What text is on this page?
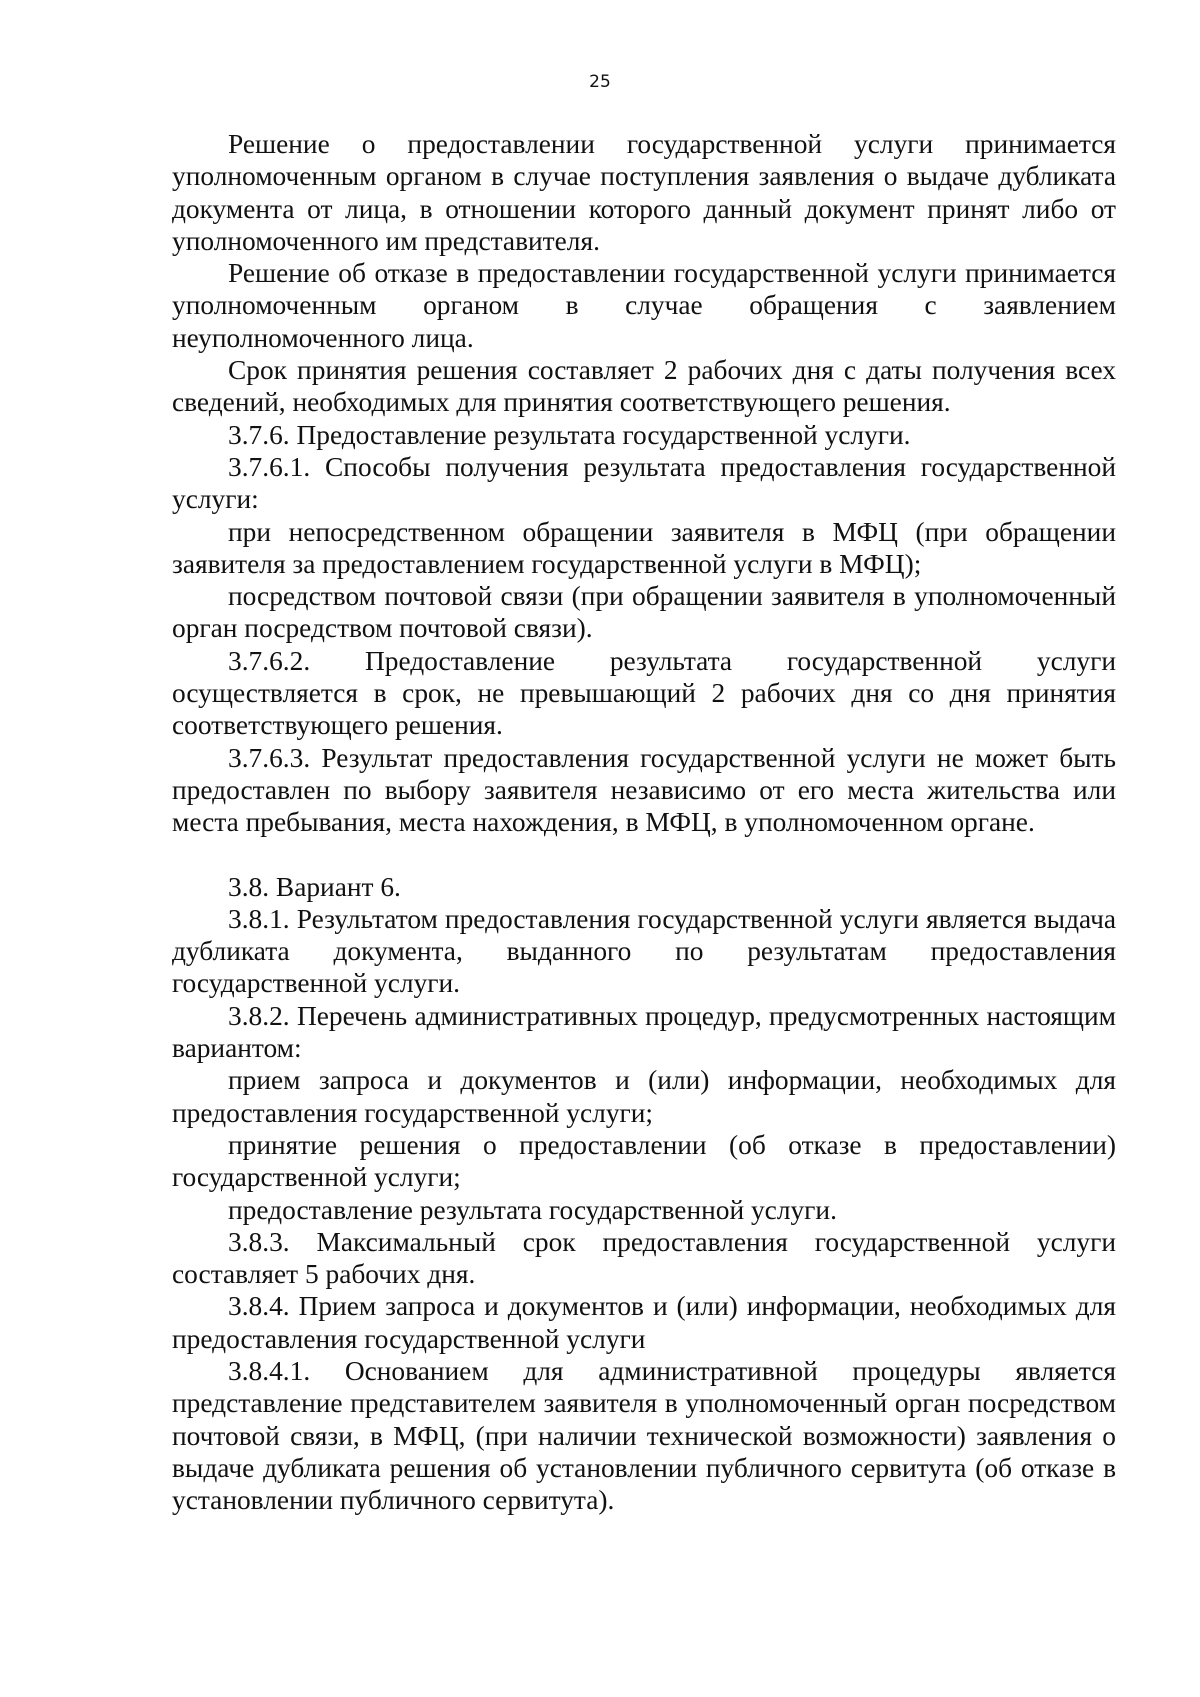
25

Решение о предоставлении государственной услуги принимается уполномоченным органом в случае поступления заявления о выдаче дубликата документа от лица, в отношении которого данный документ принят либо от уполномоченного им представителя.

Решение об отказе в предоставлении государственной услуги принимается уполномоченным органом в случае обращения с заявлением неуполномоченного лица.

Срок принятия решения составляет 2 рабочих дня с даты получения всех сведений, необходимых для принятия соответствующего решения.

3.7.6. Предоставление результата государственной услуги.

3.7.6.1. Способы получения результата предоставления государственной услуги:

при непосредственном обращении заявителя в МФЦ (при обращении заявителя за предоставлением государственной услуги в МФЦ);

посредством почтовой связи (при обращении заявителя в уполномоченный орган посредством почтовой связи).

3.7.6.2. Предоставление результата государственной услуги осуществляется в срок, не превышающий 2 рабочих дня со дня принятия соответствующего решения.

3.7.6.3. Результат предоставления государственной услуги не может быть предоставлен по выбору заявителя независимо от его места жительства или места пребывания, места нахождения, в МФЦ, в уполномоченном органе.

3.8. Вариант 6.

3.8.1. Результатом предоставления государственной услуги является выдача дубликата документа, выданного по результатам предоставления государственной услуги.

3.8.2. Перечень административных процедур, предусмотренных настоящим вариантом:

прием запроса и документов и (или) информации, необходимых для предоставления государственной услуги;

принятие решения о предоставлении (об отказе в предоставлении) государственной услуги;

предоставление результата государственной услуги.

3.8.3. Максимальный срок предоставления государственной услуги составляет 5 рабочих дня.

3.8.4. Прием запроса и документов и (или) информации, необходимых для предоставления государственной услуги

3.8.4.1. Основанием для административной процедуры является представление представителем заявителя в уполномоченный орган посредством почтовой связи, в МФЦ, (при наличии технической возможности) заявления о выдаче дубликата решения об установлении публичного сервитута (об отказе в установлении публичного сервитута).
